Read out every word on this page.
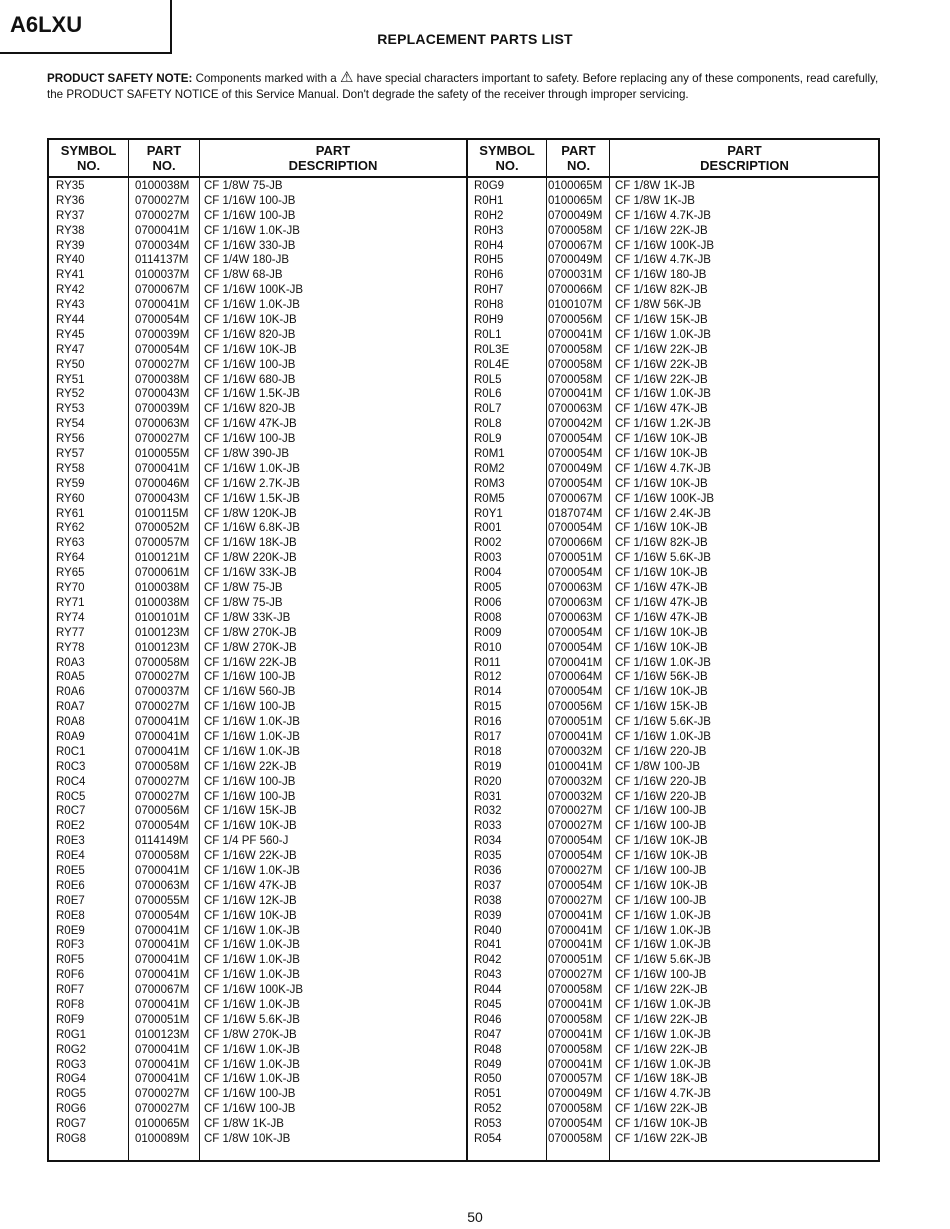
A6LXU
REPLACEMENT PARTS LIST
PRODUCT SAFETY NOTE: Components marked with a ⚠ have special characters important to safety. Before replacing any of these components, read carefully, the PRODUCT SAFETY NOTICE of this Service Manual. Don't degrade the safety of the receiver through improper servicing.
SYMBOL
NO.
PART
NO.
PART
DESCRIPTION
RY35	0100038M CF 1/8W 75-JB
RY36	0700027M CF 1/16W 100-JB
RY37	0700027M CF 1/16W 100-JB
RY38	0700041M CF 1/16W 1.0K-JB
RY39	0700034M CF 1/16W 330-JB
RY40	0114137M CF 1/4W 180-JB
RY41	0100037M CF 1/8W 68-JB
RY42	0700067M CF 1/16W 100K-JB
RY43	0700041M CF 1/16W 1.0K-JB
RY44	0700054M CF 1/16W 10K-JB
RY45	0700039M CF 1/16W 820-JB
RY47	0700054M CF 1/16W 10K-JB
RY50	0700027M CF 1/16W 100-JB
RY51	0700038M CF 1/16W 680-JB
RY52	0700043M CF 1/16W 1.5K-JB
RY53	0700039M CF 1/16W 820-JB
RY54	0700063M CF 1/16W 47K-JB
RY56	0700027M CF 1/16W 100-JB
RY57	0100055M CF 1/8W 390-JB
RY58	0700041M CF 1/16W 1.0K-JB
RY59	0700046M CF 1/16W 2.7K-JB
RY60	0700043M CF 1/16W 1.5K-JB
RY61	0100115M CF 1/8W 120K-JB
RY62	0700052M CF 1/16W 6.8K-JB
RY63	0700057M CF 1/16W 18K-JB
RY64	0100121M CF 1/8W 220K-JB
RY65	0700061M CF 1/16W 33K-JB
RY70	0100038M CF 1/8W 75-JB
RY71	0100038M CF 1/8W 75-JB
RY74	0100101M CF 1/8W 33K-JB
RY77	0100123M CF 1/8W 270K-JB
RY78	0100123M CF 1/8W 270K-JB
R0A3	0700058M CF 1/16W 22K-JB
R0A5	0700027M CF 1/16W 100-JB
R0A6	0700037M CF 1/16W 560-JB
R0A7	0700027M CF 1/16W 100-JB
R0A8	0700041M CF 1/16W 1.0K-JB
R0A9	0700041M CF 1/16W 1.0K-JB
R0C1	0700041M CF 1/16W 1.0K-JB
R0C3	0700058M CF 1/16W 22K-JB
R0C4	0700027M CF 1/16W 100-JB
R0C5	0700027M CF 1/16W 100-JB
R0C7	0700056M CF 1/16W 15K-JB
R0E2	0700054M CF 1/16W 10K-JB
R0E3	0114149M CF 1/4 PF 560-J
R0E4	0700058M CF 1/16W 22K-JB
R0E5	0700041M CF 1/16W 1.0K-JB
R0E6	0700063M CF 1/16W 47K-JB
R0E7	0700055M CF 1/16W 12K-JB
R0E8	0700054M CF 1/16W 10K-JB
R0E9	0700041M CF 1/16W 1.0K-JB
R0F3	0700041M CF 1/16W 1.0K-JB
R0F5	0700041M CF 1/16W 1.0K-JB
R0F6	0700041M CF 1/16W 1.0K-JB
R0F7	0700067M CF 1/16W 100K-JB
R0F8	0700041M CF 1/16W 1.0K-JB
R0F9	0700051M CF 1/16W 5.6K-JB
R0G1	0100123M CF 1/8W 270K-JB
R0G2	0700041M CF 1/16W 1.0K-JB
R0G3	0700041M CF 1/16W 1.0K-JB
R0G4	0700041M CF 1/16W 1.0K-JB
R0G5	0700027M CF 1/16W 100-JB
R0G6	0700027M CF 1/16W 100-JB
R0G7	0100065M CF 1/8W 1K-JB
R0G8	0100089M CF 1/8W 10K-JB
SYMBOL
NO.
PART
NO.
PART
DESCRIPTION
R0G9	0100065M CF 1/8W 1K-JB
R0H1	0100065M CF 1/8W 1K-JB
R0H2	0700049M CF 1/16W 4.7K-JB
R0H3	0700058M CF 1/16W 22K-JB
R0H4	0700067M CF 1/16W 100K-JB
R0H5	0700049M CF 1/16W 4.7K-JB
R0H6	0700031M CF 1/16W 180-JB
R0H7	0700066M CF 1/16W 82K-JB
R0H8	0100107M CF 1/8W 56K-JB
R0H9	0700056M CF 1/16W 15K-JB
R0L1	0700041M CF 1/16W 1.0K-JB
R0L3E	0700058M CF 1/16W 22K-JB
R0L4E	0700058M CF 1/16W 22K-JB
R0L5	0700058M CF 1/16W 22K-JB
R0L6	0700041M CF 1/16W 1.0K-JB
R0L7	0700063M CF 1/16W 47K-JB
R0L8	0700042M CF 1/16W 1.2K-JB
R0L9	0700054M CF 1/16W 10K-JB
R0M1	0700054M CF 1/16W 10K-JB
R0M2	0700049M CF 1/16W 4.7K-JB
R0M3	0700054M CF 1/16W 10K-JB
R0M5	0700067M CF 1/16W 100K-JB
R0Y1	0187074M CF 1/16W 2.4K-JB
R001	0700054M CF 1/16W 10K-JB
R002	0700066M CF 1/16W 82K-JB
R003	0700051M CF 1/16W 5.6K-JB
R004	0700054M CF 1/16W 10K-JB
R005	0700063M CF 1/16W 47K-JB
R006	0700063M CF 1/16W 47K-JB
R008	0700063M CF 1/16W 47K-JB
R009	0700054M CF 1/16W 10K-JB
R010	0700054M CF 1/16W 10K-JB
R011	0700041M CF 1/16W 1.0K-JB
R012	0700064M CF 1/16W 56K-JB
R014	0700054M CF 1/16W 10K-JB
R015	0700056M CF 1/16W 15K-JB
R016	0700051M CF 1/16W 5.6K-JB
R017	0700041M CF 1/16W 1.0K-JB
R018	0700032M CF 1/16W 220-JB
R019	0100041M CF 1/8W 100-JB
R020	0700032M CF 1/16W 220-JB
R031	0700032M CF 1/16W 220-JB
R032	0700027M CF 1/16W 100-JB
R033	0700027M CF 1/16W 100-JB
R034	0700054M CF 1/16W 10K-JB
R035	0700054M CF 1/16W 10K-JB
R036	0700027M CF 1/16W 100-JB
R037	0700054M CF 1/16W 10K-JB
R038	0700027M CF 1/16W 100-JB
R039	0700041M CF 1/16W 1.0K-JB
R040	0700041M CF 1/16W 1.0K-JB
R041	0700041M CF 1/16W 1.0K-JB
R042	0700051M CF 1/16W 5.6K-JB
R043	0700027M CF 1/16W 100-JB
R044	0700058M CF 1/16W 22K-JB
R045	0700041M CF 1/16W 1.0K-JB
R046	0700058M CF 1/16W 22K-JB
R047	0700041M CF 1/16W 1.0K-JB
R048	0700058M CF 1/16W 22K-JB
R049	0700041M CF 1/16W 1.0K-JB
R050	0700057M CF 1/16W 18K-JB
R051	0700049M CF 1/16W 4.7K-JB
R052	0700058M CF 1/16W 22K-JB
R053	0700054M CF 1/16W 10K-JB
R054	0700058M CF 1/16W 22K-JB
50
